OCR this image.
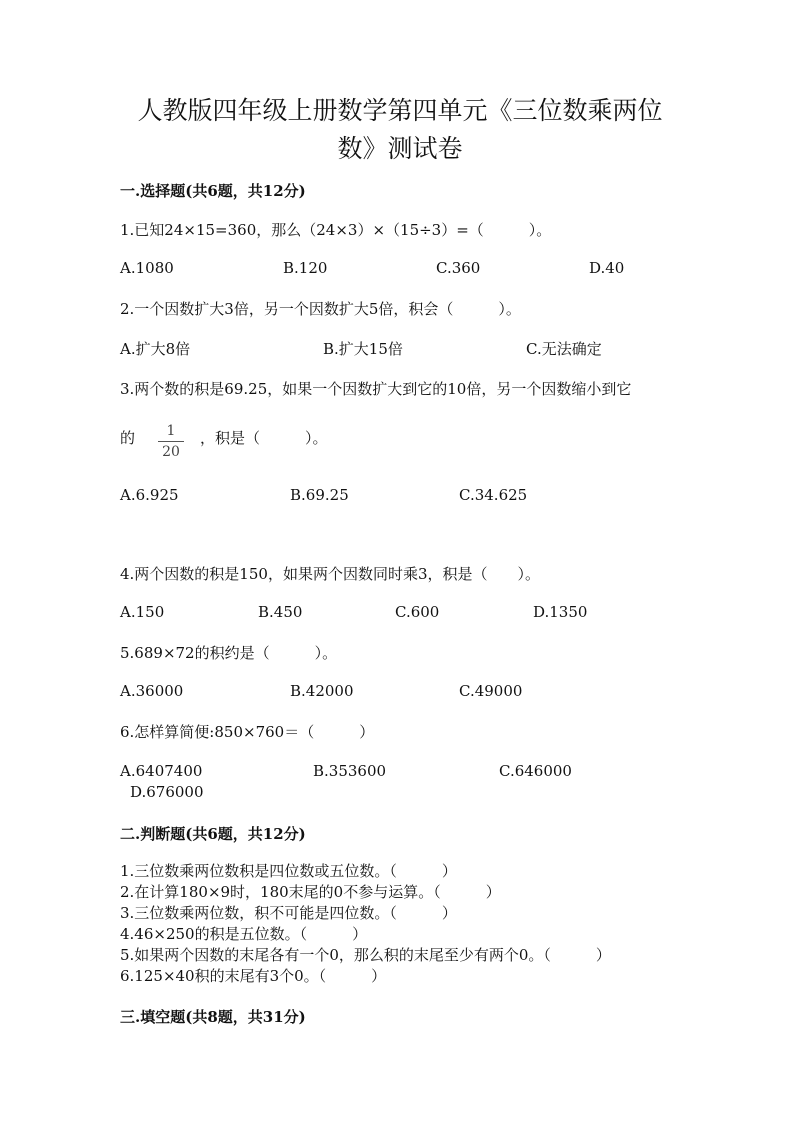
人教版四年级上册数学第四单元《三位数乘两位
数》测试卷
一.选择题(共6题，共12分)
1.已知24×15=360，那么（24×3）×（15÷3）=（　　　）。
A.1080	B.120	C.360	D.40
2.一个因数扩大3倍，另一个因数扩大5倍，积会（　　　）。
A.扩大8倍	B.扩大15倍	C.无法确定
3.两个数的积是69.25，如果一个因数扩大到它的10倍，另一个因数缩小到它
的	1
20
，积是（　　　）。
A.6.925	B.69.25	C.34.625
4.两个因数的积是150，如果两个因数同时乘3，积是（　　）。
A.150	B.450	C.600	D.1350
5.689×72的积约是（　　　）。
A.36000	B.42000	C.49000
6.怎样算简便:850×760＝（　　　）
A.6407400	B.353600	C.646000
D.676000
二.判断题(共6题，共12分)
1.三位数乘两位数积是四位数或五位数。（　　　）
2.在计算180×9时，180末尾的0不参与运算。（　　　）
3.三位数乘两位数，积不可能是四位数。（　　　）
4.46×250的积是五位数。（　　　）
5.如果两个因数的末尾各有一个0，那么积的末尾至少有两个0。（　　　）
6.125×40积的末尾有3个0。（　　　）
三.填空题(共8题，共31分)
